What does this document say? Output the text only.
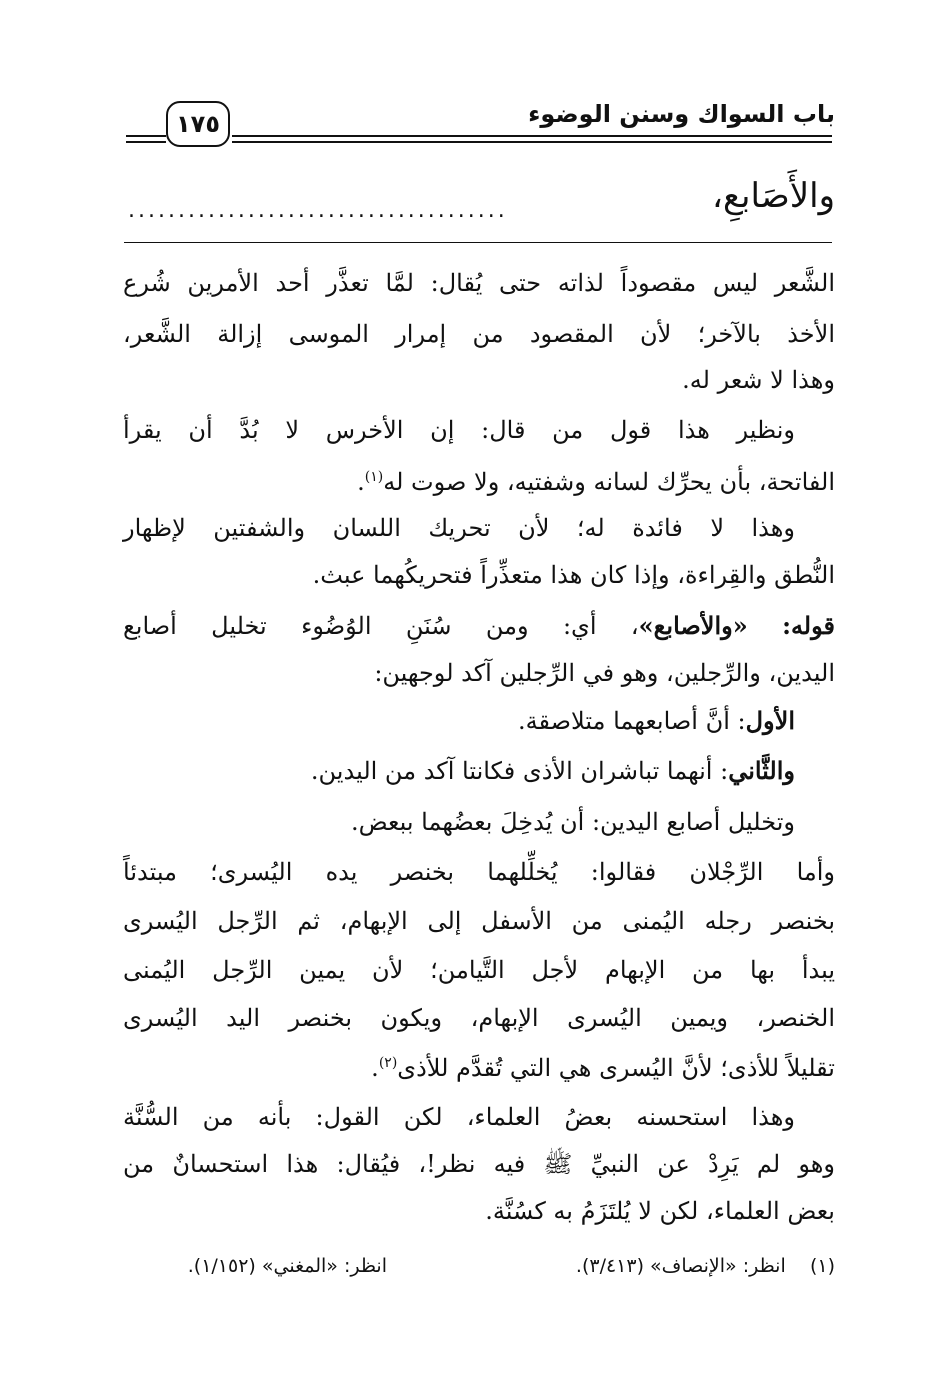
باب السواك وسنن الوضوء
١٧٥
والأَصَابعِ،
......................................
الشَّعر ليس مقصوداً لذاته حتى يُقال: لمَّا تعذَّر أحد الأمرين شُرع
الأخذ بالآخر؛ لأن المقصود من إمرار الموسى إزالة الشَّعر،
وهذا لا شعر له.
ونظير هذا قول من قال: إن الأخرس لا بُدَّ أن يقرأ
الفاتحة، بأن يحرِّك لسانه وشفتيه، ولا صوت له$^{(١)}$.
وهذا لا فائدة له؛ لأن تحريك اللسان والشفتين لإظهار
النُّطق والقِراءة، وإذا كان هذا متعذِّراً فتحريكُهما عبث.
قوله: «والأصابع»، أي: ومن سُنَنِ الوُضُوء تخليل أصابع
اليدين، والرِّجلين، وهو في الرِّجلين آكد لوجهين:
الأول: أنَّ أصابعهما متلاصقة.
والثَّاني: أنهما تباشران الأذى فكانتا آكد من اليدين.
وتخليل أصابع اليدين: أن يُدخِلَ بعضُهما ببعض.
وأما الرِّجْلان فقالوا: يُخلِّلهما بخنصر يده اليُسرى؛ مبتدئاً
بخنصر رجله اليُمنى من الأسفل إلى الإبهام، ثم الرِّجل اليُسرى
يبدأ بها من الإبهام لأجل التَّيامن؛ لأن يمين الرِّجل اليُمنى
الخنصر، ويمين اليُسرى الإبهام، ويكون بخنصر اليد اليُسرى
تقليلاً للأذى؛ لأنَّ اليُسرى هي التي تُقدَّم للأذى$^{(٢)}$.
وهذا استحسنه بعضُ العلماء، لكن القول: بأنه من السُّنَّة
وهو لم يَرِدْ عن النبيِّ ﷺ فيه نظر!، فيُقال: هذا استحسانٌ من
بعض العلماء، لكن لا يُلتَزَمُ به كسُنَّة.
(١)    انظر: «الإنصاف» (٣/٤١٣).
انظر: «المغني» (١/١٥٢).
